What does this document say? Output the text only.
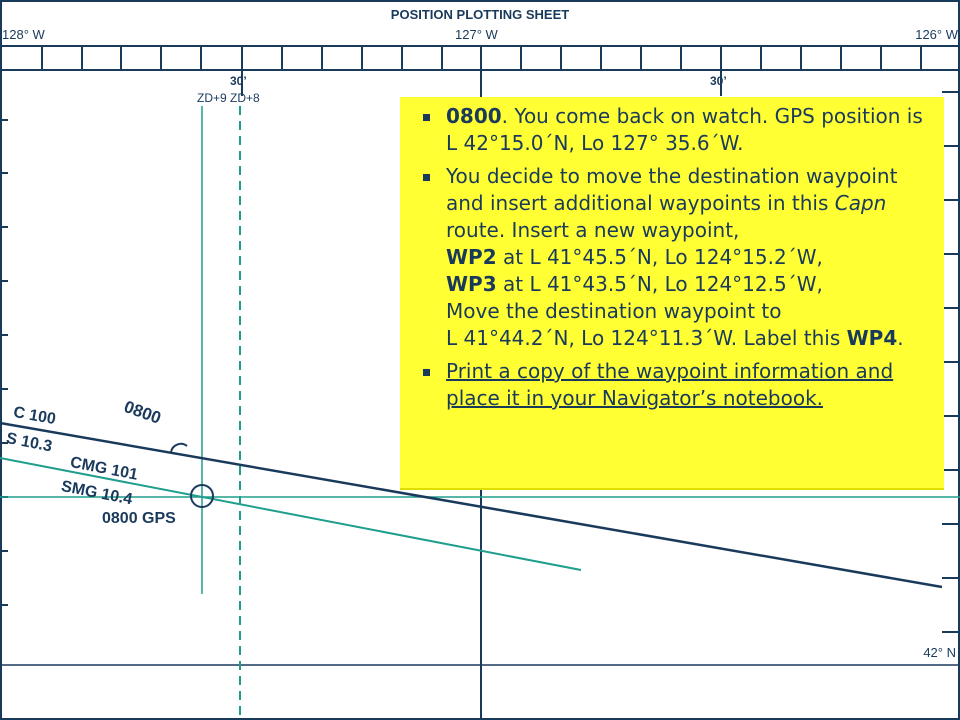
POSITION PLOTTING SHEET
128° W	127° W	126° W
30’	30’
ZD+9 ZD+8
42° N
C 100
S 10.3
CMG 101
SMG 10.4
0800
0800 GPS
0800. You come back on watch. GPS position is L 42°15.0´N, Lo 127° 35.6´W.
You decide to move the destination waypoint and insert additional waypoints in this Capn route. Insert a new waypoint,
WP2 at L 41°45.5´N, Lo 124°15.2´W,
WP3 at L 41°43.5´N, Lo 124°12.5´W,
Move the destination waypoint to
L 41°44.2´N, Lo 124°11.3´W. Label this WP4.
Print a copy of the waypoint information and place it in your Navigator’s notebook.
